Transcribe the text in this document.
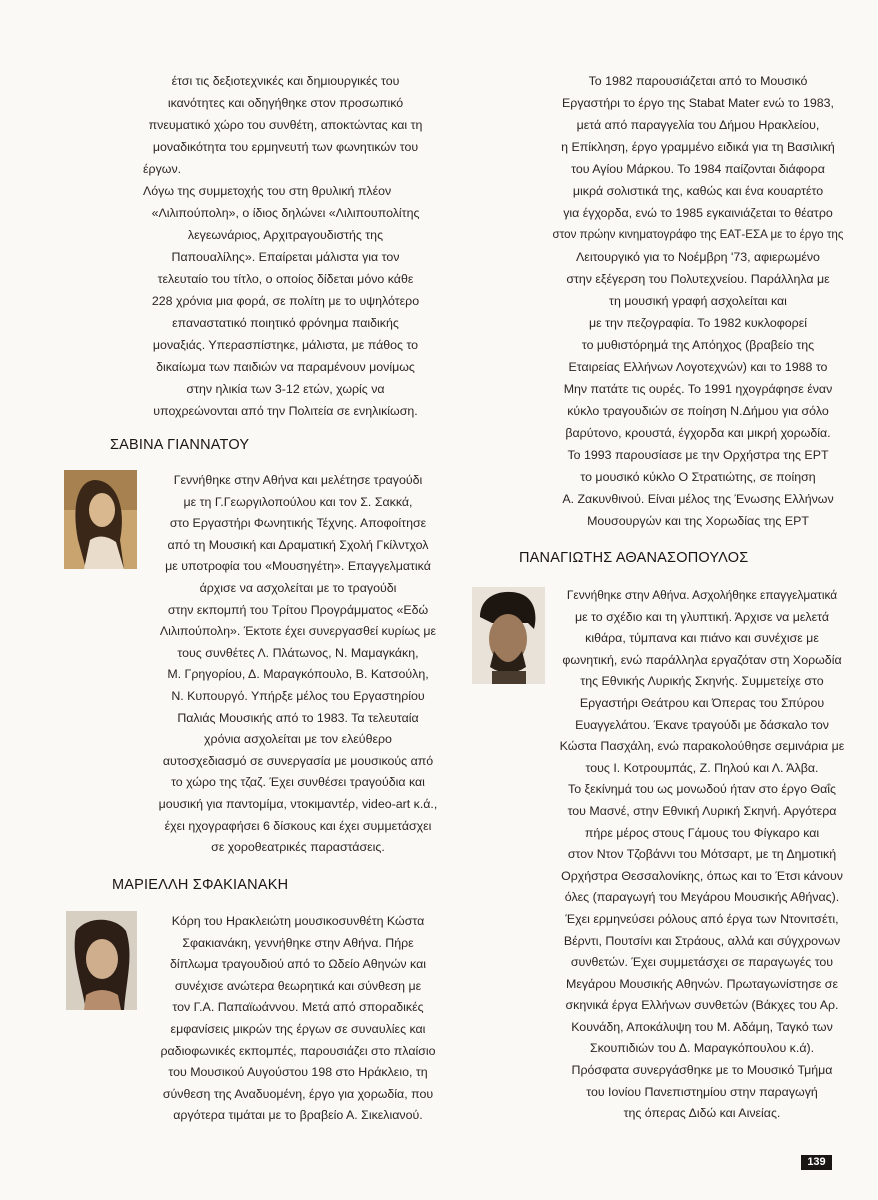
έτσι τις δεξιοτεχνικές και δημιουργικές του

ικανότητες και οδηγήθηκε στον προσωπικό

πνευματικό χώρο του συνθέτη, αποκτώντας και τη

μοναδικότητα του ερμηνευτή των φωνητικών του

έργων.

Λόγω της συμμετοχής του στη θρυλική πλέον

«Λιλιπούπολη», ο ίδιος δηλώνει «Λιλιπουπολίτης

λεγεωνάριος, Αρχιτραγουδιστής της

Παπουαλίλης». Επαίρεται μάλιστα για τον

τελευταίο του τίτλο, ο οποίος δίδεται μόνο κάθε

228 χρόνια μια φορά, σε πολίτη με το υψηλότερο

επαναστατικό ποιητικό φρόνημα παιδικής

μοναξιάς. Υπερασπίστηκε, μάλιστα, με πάθος το

δικαίωμα των παιδιών να παραμένουν μονίμως

στην ηλικία των 3-12 ετών, χωρίς να

υποχρεώνονται από την Πολιτεία σε ενηλικίωση.

ΣΑΒΙΝΑ ΓΙΑΝΝΑΤΟΥ

Γεννήθηκε στην Αθήνα και μελέτησε τραγούδι

με τη Γ.Γεωργιλοπούλου και τον Σ. Σακκά,

στο Εργαστήρι Φωνητικής Τέχνης. Αποφοίτησε

από τη Μουσική και Δραματική Σχολή Γκίλντχολ

με υποτροφία του «Μουσηγέτη». Επαγγελματικά

άρχισε να ασχολείται με το τραγούδι

στην εκπομπή του Τρίτου Προγράμματος «Εδώ

Λιλιπούπολη». Έκτοτε έχει συνεργασθεί κυρίως με

τους συνθέτες Λ. Πλάτωνος, Ν. Μαμαγκάκη,

Μ. Γρηγορίου, Δ. Μαραγκόπουλο, Β. Κατσούλη,

Ν. Κυπουργό. Υπήρξε μέλος του Εργαστηρίου

Παλιάς Μουσικής από το 1983. Τα τελευταία

χρόνια ασχολείται με τον ελεύθερο

αυτοσχεδιασμό σε συνεργασία με μουσικούς από

το χώρο της τζαζ. Έχει συνθέσει τραγούδια και

μουσική για παντομίμα, ντοκιμαντέρ, video-art κ.ά.,

έχει ηχογραφήσει 6 δίσκους και έχει συμμετάσχει

σε χοροθεατρικές παραστάσεις.

ΜΑΡΙΕΛΛΗ ΣΦΑΚΙΑΝΑΚΗ

Κόρη του Ηρακλειώτη μουσικοσυνθέτη Κώστα

Σφακιανάκη, γεννήθηκε στην Αθήνα. Πήρε

δίπλωμα τραγουδιού από το Ωδείο Αθηνών και

συνέχισε ανώτερα θεωρητικά και σύνθεση με

τον Γ.Α. Παπαϊωάννου. Μετά από σποραδικές

εμφανίσεις μικρών της έργων σε συναυλίες και

ραδιοφωνικές εκπομπές, παρουσιάζει στο πλαίσιο

του Μουσικού Αυγούστου 198 στο Ηράκλειο, τη

σύνθεση της Αναδυομένη, έργο για χορωδία, που

αργότερα τιμάται με το βραβείο Α. Σικελιανού.

Το 1982 παρουσιάζεται από το Μουσικό

Εργαστήρι το έργο της Stabat Mater ενώ το 1983,

μετά από παραγγελία του Δήμου Ηρακλείου,

η Επίκληση, έργο γραμμένο ειδικά για τη Βασιλική

του Αγίου Μάρκου. Το 1984 παίζονται διάφορα

μικρά σολιστικά της, καθώς και ένα κουαρτέτο

για έγχορδα, ενώ το 1985 εγκαινιάζεται το θέατρο

στον πρώην κινηματογράφο της ΕΑΤ-ΕΣΑ με το έργο της

Λειτουργικό για το Νοέμβρη '73, αφιερωμένο

στην εξέγερση του Πολυτεχνείου. Παράλληλα με

τη μουσική γραφή ασχολείται και

με την πεζογραφία. Το 1982 κυκλοφορεί

το μυθιστόρημά της Απόηχος (βραβείο της

Εταιρείας Ελλήνων Λογοτεχνών) και το 1988 το

Μην πατάτε τις ουρές. Το 1991 ηχογράφησε έναν

κύκλο τραγουδιών σε ποίηση Ν.Δήμου για σόλο

βαρύτονο, κρουστά, έγχορδα και μικρή χορωδία.

Το 1993 παρουσίασε με την Ορχήστρα της ΕΡΤ

το μουσικό κύκλο Ο Στρατιώτης, σε ποίηση

Α. Ζακυνθινού. Είναι μέλος της Ένωσης Ελλήνων

Μουσουργών και της Χορωδίας της ΕΡΤ

ΠΑΝΑΓΙΩΤΗΣ ΑΘΑΝΑΣΟΠΟΥΛΟΣ

Γεννήθηκε στην Αθήνα. Ασχολήθηκε επαγγελματικά

με το σχέδιο και τη γλυπτική. Άρχισε να μελετά

κιθάρα, τύμπανα και πιάνο και συνέχισε με

φωνητική, ενώ παράλληλα εργαζόταν στη Χορωδία

της Εθνικής Λυρικής Σκηνής. Συμμετείχε στο

Εργαστήρι Θεάτρου και Όπερας του Σπύρου

Ευαγγελάτου. Έκανε τραγούδι με δάσκαλο τον

Κώστα Πασχάλη, ενώ παρακολούθησε σεμινάρια με

τους Ι. Κοτρουμπάς, Ζ. Πηλού και Λ. Άλβα.

Το ξεκίνημά του ως μονωδού ήταν στο έργο Θαΐς

του Μασνέ, στην Εθνική Λυρική Σκηνή. Αργότερα

πήρε μέρος στους Γάμους του Φίγκαρο και

στον Ντον Τζοβάννι του Μότσαρτ, με τη Δημοτική

Ορχήστρα Θεσσαλονίκης, όπως και το Έτσι κάνουν

όλες (παραγωγή του Μεγάρου Μουσικής Αθήνας).

Έχει ερμηνεύσει ρόλους από έργα των Ντονιτσέτι,

Βέρντι, Πουτσίνι και Στράους, αλλά και σύγχρονων

συνθετών. Έχει συμμετάσχει σε παραγωγές του

Μεγάρου Μουσικής Αθηνών. Πρωταγωνίστησε σε

σκηνικά έργα Ελλήνων συνθετών (Βάκχες του Αρ.

Κουνάδη, Αποκάλυψη του Μ. Αδάμη, Ταγκό των

Σκουπιδιών του Δ. Μαραγκόπουλου κ.ά).

Πρόσφατα συνεργάσθηκε με το Μουσικό Τμήμα

του Ιονίου Πανεπιστημίου στην παραγωγή

της όπερας Διδώ και Αινείας.

139
